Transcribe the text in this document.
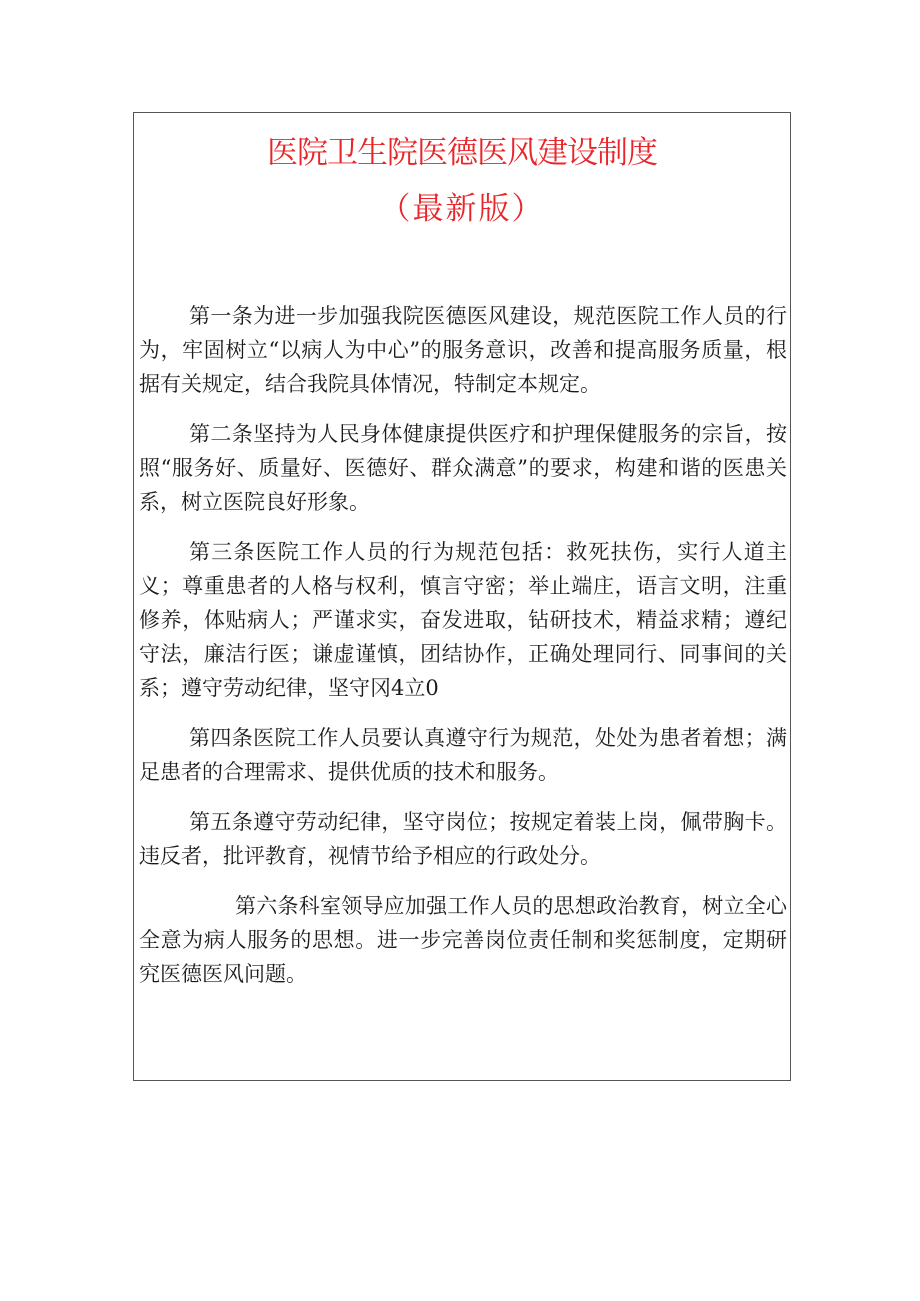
医院卫生院医德医风建设制度
（最新版）

第一条为进一步加强我院医德医风建设，规范医院工作人员的行为，牢固树立“以病人为中心”的服务意识，改善和提高服务质量，根据有关规定，结合我院具体情况，特制定本规定。

第二条坚持为人民身体健康提供医疗和护理保健服务的宗旨，按照“服务好、质量好、医德好、群众满意”的要求，构建和谐的医患关系，树立医院良好形象。

第三条医院工作人员的行为规范包括：救死扶伤，实行人道主义；尊重患者的人格与权利，慎言守密；举止端庄，语言文明，注重修养，体贴病人；严谨求实，奋发进取，钻研技术，精益求精；遵纪守法，廉洁行医；谦虚谨慎，团结协作，正确处理同行、同事间的关系；遵守劳动纪律，坚守冈4立0

第四条医院工作人员要认真遵守行为规范，处处为患者着想；满足患者的合理需求、提供优质的技术和服务。

第五条遵守劳动纪律，坚守岗位；按规定着装上岗，佩带胸卡。违反者，批评教育，视情节给予相应的行政处分。

第六条科室领导应加强工作人员的思想政治教育，树立全心全意为病人服务的思想。进一步完善岗位责任制和奖惩制度，定期研究医德医风问题。
